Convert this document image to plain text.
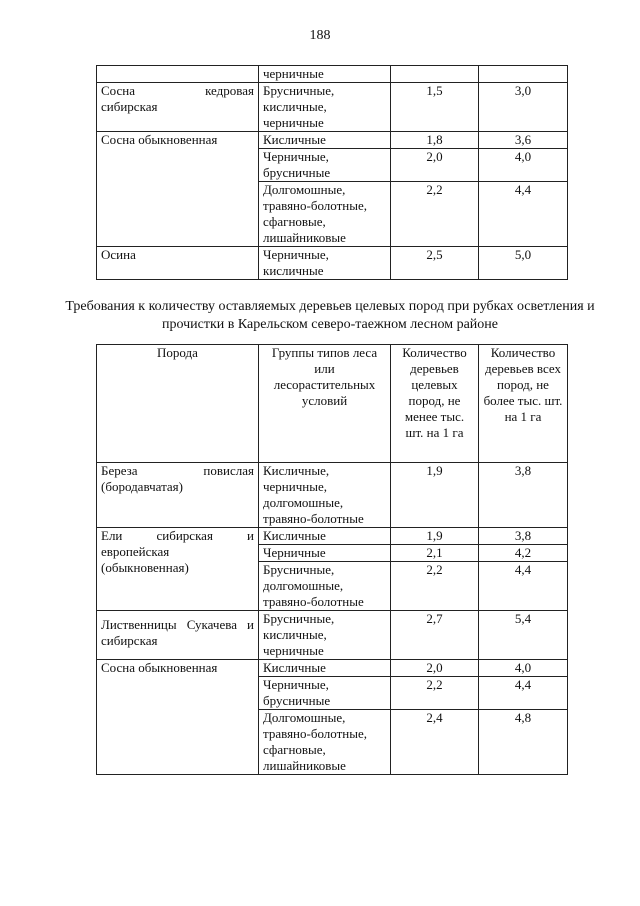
188
	черничные		

Сосна кедровая
сибирская	Брусничные,
кисличные,
черничные	1,5	3,0
Сосна обыкновенная	Кисличные	1,8	3,6

	Черничные,
брусничные	2,0	4,0

	Долгомошные,
травяно-болотные,
сфагновые,
лишайниковые	2,2	4,4
Осина	Черничные,
кисличные	2,5	5,0
Требования к количеству оставляемых деревьев целевых пород при рубках осветления и прочистки в Карельском северо-таежном лесном районе
Порода	Группы типов леса или лесорастительных условий	Количество деревьев целевых пород, не менее тыс. шт. на 1 га	Количество деревьев всех пород, не более тыс. шт. на 1 га
Береза повислая (бородавчатая)	Кисличные,
черничные,
долгомошные,
травяно-болотные	1,9	3,8
Ели сибирская и европейская (обыкновенная)	Кисличные	1,9	3,8
	Черничные	2,1	4,2

	Брусничные,
долгомошные,
травяно-болотные	2,2	4,4
Лиственницы Сукачева и сибирская	Брусничные,
кисличные,
черничные	2,7	5,4
Сосна обыкновенная	Кисличные	2,0	4,0

	Черничные,
брусничные	2,2	4,4

	Долгомошные,
травяно-болотные,
сфагновые,
лишайниковые	2,4	4,8
